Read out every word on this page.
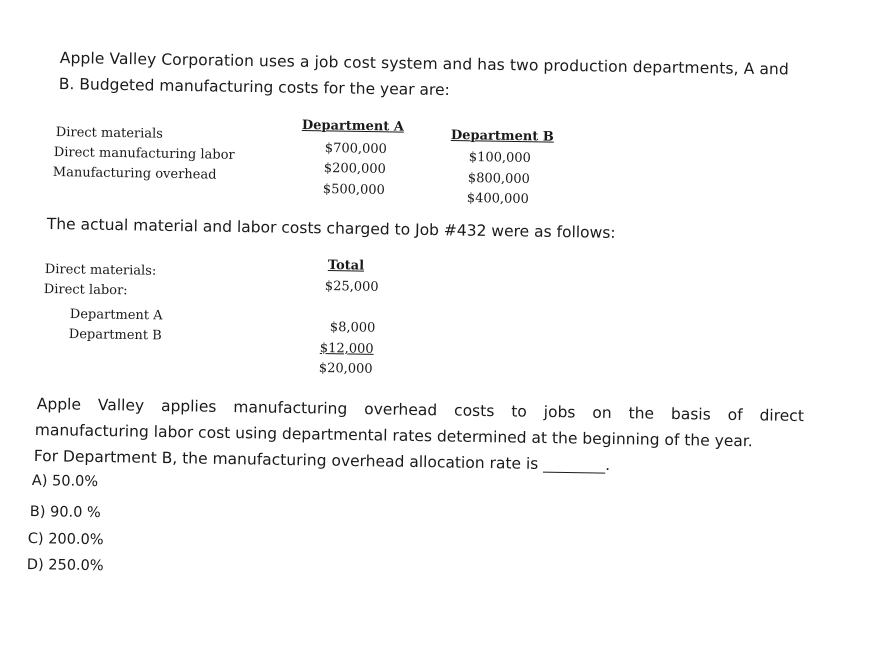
Apple Valley Corporation uses a job cost system and has two production departments, A and
B. Budgeted manufacturing costs for the year are:
Department A
Department B
Direct materials
Direct manufacturing labor
Manufacturing overhead
$700,000
$200,000
$500,000
$100,000
$800,000
$400,000
The actual material and labor costs charged to Job #432 were as follows:
Total
Direct materials:
$25,000
Direct labor:
Department A
Department B	$8,000
$12,000
$20,000
Apple Valley applies manufacturing overhead costs to jobs on the basis of direct
manufacturing labor cost using departmental rates determined at the beginning of the year.
For Department B, the manufacturing overhead allocation rate is ________.
A) 50.0%
B) 90.0 %
C) 200.0%
D) 250.0%
